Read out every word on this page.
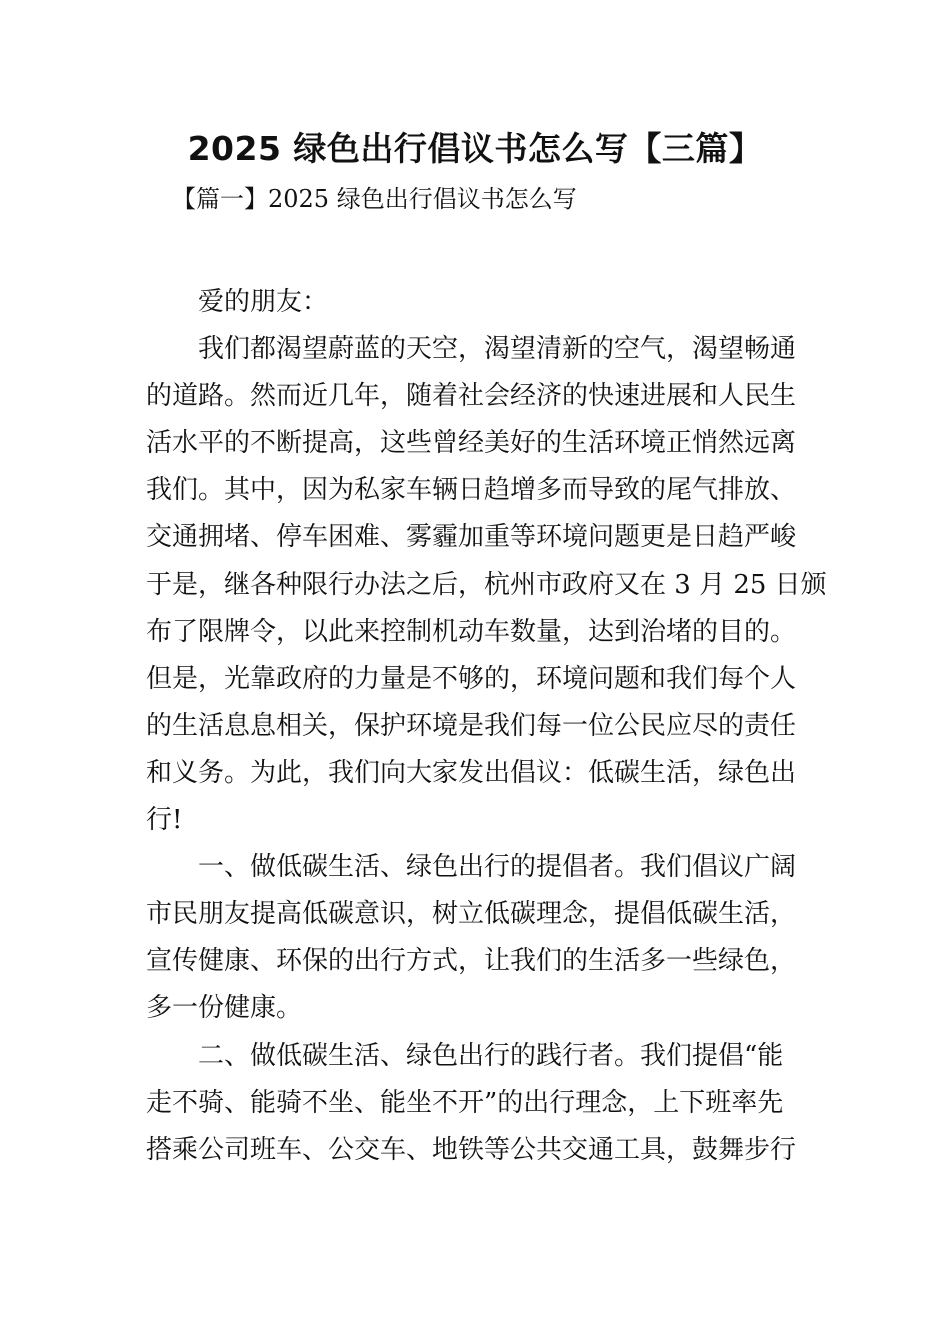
2025 绿色出行倡议书怎么写【三篇】
【篇一】2025 绿色出行倡议书怎么写
爱的朋友：
我们都渴望蔚蓝的天空，渴望清新的空气，渴望畅通
的道路。然而近几年，随着社会经济的快速进展和人民生
活水平的不断提高，这些曾经美好的生活环境正悄然远离
我们。其中，因为私家车辆日趋增多而导致的尾气排放、
交通拥堵、停车困难、雾霾加重等环境问题更是日趋严峻
于是，继各种限行办法之后，杭州市政府又在 3 月 25 日颁
布了限牌令，以此来控制机动车数量，达到治堵的目的。
但是，光靠政府的力量是不够的，环境问题和我们每个人
的生活息息相关，保护环境是我们每一位公民应尽的责任
和义务。为此，我们向大家发出倡议：低碳生活，绿色出
行!
一、做低碳生活、绿色出行的提倡者。我们倡议广阔
市民朋友提高低碳意识，树立低碳理念，提倡低碳生活，
宣传健康、环保的出行方式，让我们的生活多一些绿色，
多一份健康。
二、做低碳生活、绿色出行的践行者。我们提倡“能
走不骑、能骑不坐、能坐不开”的出行理念，上下班率先
搭乘公司班车、公交车、地铁等公共交通工具，鼓舞步行
